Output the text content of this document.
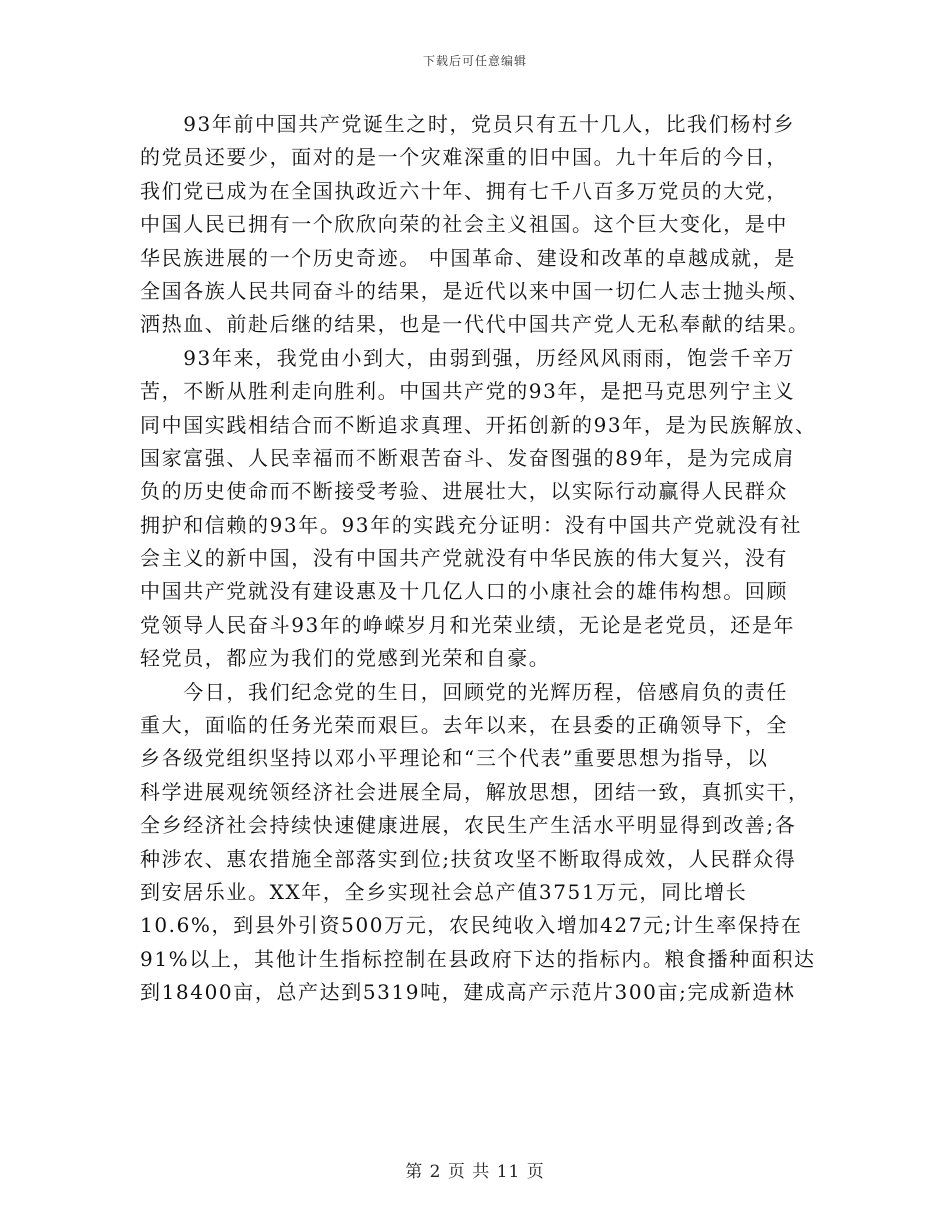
下载后可任意编辑
　　93年前中国共产党诞生之时，党员只有五十几人，比我们杨村乡
的党员还要少，面对的是一个灾难深重的旧中国。九十年后的今日，
我们党已成为在全国执政近六十年、拥有七千八百多万党员的大党，
中国人民已拥有一个欣欣向荣的社会主义祖国。这个巨大变化，是中
华民族进展的一个历史奇迹。 中国革命、建设和改革的卓越成就，是
全国各族人民共同奋斗的结果，是近代以来中国一切仁人志士抛头颅、
洒热血、前赴后继的结果，也是一代代中国共产党人无私奉献的结果。
　　93年来，我党由小到大，由弱到强，历经风风雨雨，饱尝千辛万
苦，不断从胜利走向胜利。中国共产党的93年，是把马克思列宁主义
同中国实践相结合而不断追求真理、开拓创新的93年，是为民族解放、
国家富强、人民幸福而不断艰苦奋斗、发奋图强的89年，是为完成肩
负的历史使命而不断接受考验、进展壮大，以实际行动赢得人民群众
拥护和信赖的93年。93年的实践充分证明：没有中国共产党就没有社
会主义的新中国，没有中国共产党就没有中华民族的伟大复兴，没有
中国共产党就没有建设惠及十几亿人口的小康社会的雄伟构想。回顾
党领导人民奋斗93年的峥嵘岁月和光荣业绩，无论是老党员，还是年
轻党员，都应为我们的党感到光荣和自豪。
　　今日，我们纪念党的生日，回顾党的光辉历程，倍感肩负的责任
重大，面临的任务光荣而艰巨。去年以来，在县委的正确领导下，全
乡各级党组织坚持以邓小平理论和“三个代表”重要思想为指导，以
科学进展观统领经济社会进展全局，解放思想，团结一致，真抓实干，
全乡经济社会持续快速健康进展，农民生产生活水平明显得到改善;各
种涉农、惠农措施全部落实到位;扶贫攻坚不断取得成效，人民群众得
到安居乐业。XX年，全乡实现社会总产值3751万元，同比增长
10.6%，到县外引资500万元，农民纯收入增加427元;计生率保持在
91%以上，其他计生指标控制在县政府下达的指标内。粮食播种面积达
到18400亩，总产达到5319吨，建成高产示范片300亩;完成新造林
第 2 页 共 11 页
